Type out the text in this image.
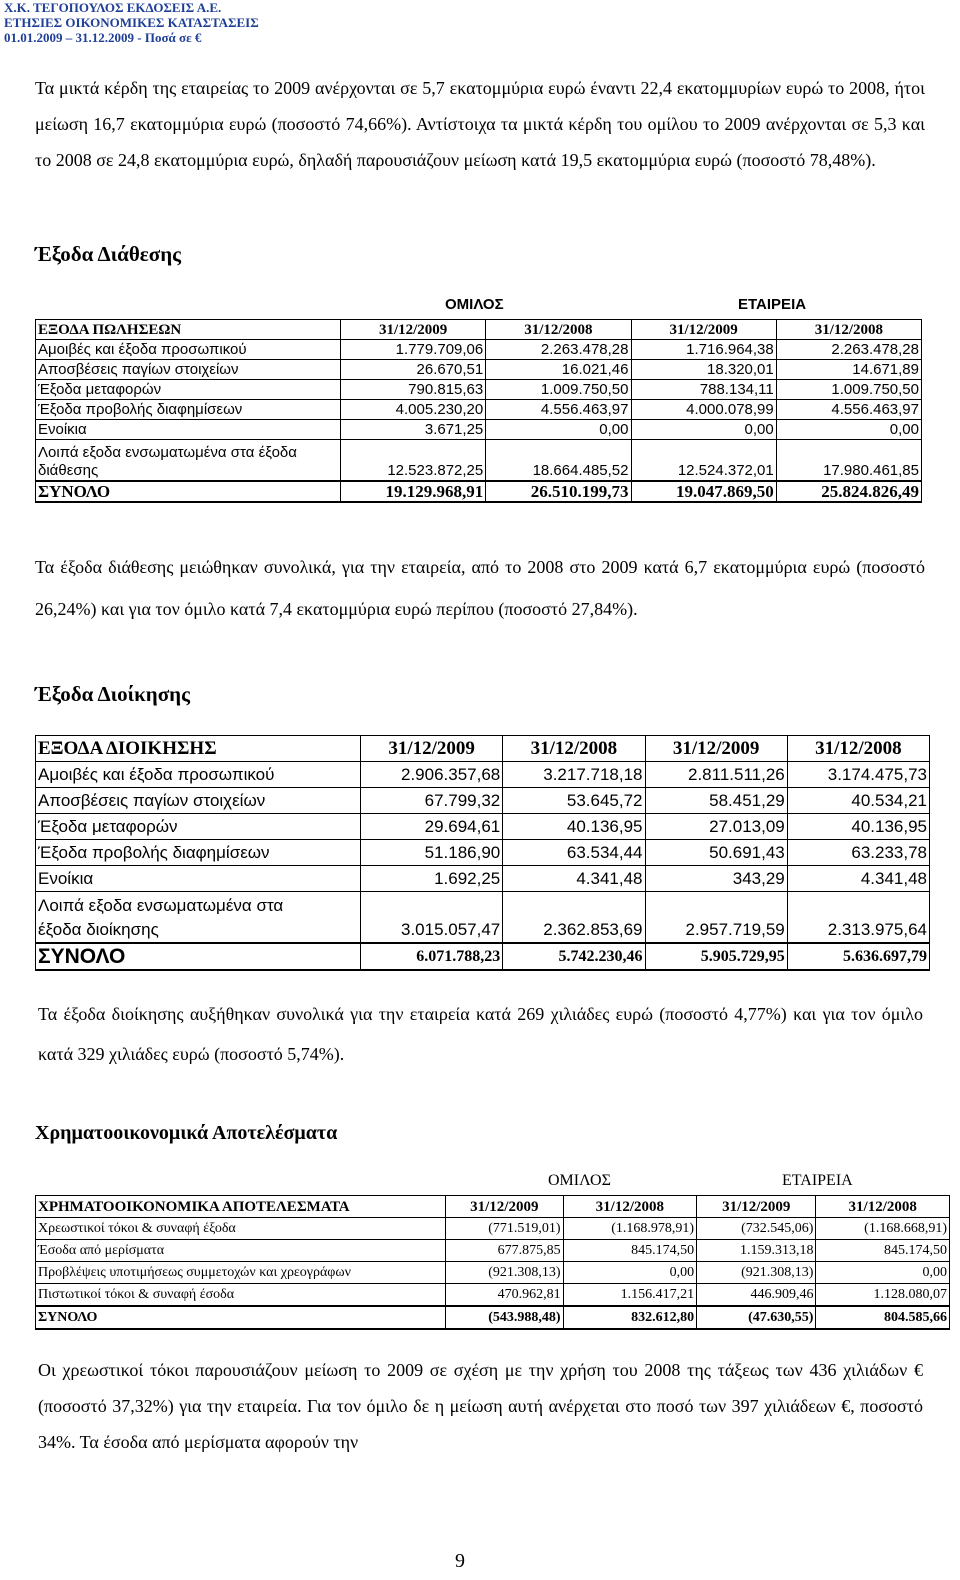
Χ.Κ. ΤΕΓΟΠΟΥΛΟΣ ΕΚΔΟΣΕΙΣ Α.Ε.
ΕΤΗΣΙΕΣ ΟΙΚΟΝΟΜΙΚΕΣ ΚΑΤΑΣΤΑΣΕΙΣ
01.01.2009 – 31.12.2009 - Ποσά σε €

Τα μικτά κέρδη της εταιρείας το 2009 ανέρχονται σε 5,7 εκατομμύρια ευρώ έναντι 22,4 εκατομμυρίων ευρώ το 2008, ήτοι μείωση 16,7 εκατομμύρια ευρώ (ποσοστό 74,66%). Αντίστοιχα τα μικτά κέρδη του ομίλου το 2009 ανέρχονται σε 5,3 και το 2008 σε 24,8 εκατομμύρια ευρώ, δηλαδή παρουσιάζουν μείωση κατά 19,5 εκατομμύρια ευρώ (ποσοστό 78,48%).

Έξοδα Διάθεσης
ΟΜΙΛΟΣ	ΕΤΑΙΡΕΙΑ
ΕΞΟΔΑ ΠΩΛΗΣΕΩΝ	31/12/2009	31/12/2008	31/12/2009	31/12/2008
Αμοιβές και έξοδα προσωπικού	1.779.709,06	2.263.478,28	1.716.964,38	2.263.478,28
Αποσβέσεις παγίων στοιχείων	26.670,51	16.021,46	18.320,01	14.671,89
Έξοδα μεταφορών	790.815,63	1.009.750,50	788.134,11	1.009.750,50
Έξοδα προβολής διαφημίσεων	4.005.230,20	4.556.463,97	4.000.078,99	4.556.463,97
Ενοίκια	3.671,25	0,00	0,00	0,00

Λοιπά εξοδα ενσωματωμένα στα έξοδα
διάθεσης	12.523.872,25	18.664.485,52	12.524.372,01	17.980.461,85
ΣΥΝΟΛΟ	19.129.968,91	26.510.199,73	19.047.869,50	25.824.826,49

Τα έξοδα διάθεσης μειώθηκαν συνολικά, για την εταιρεία, από το 2008 στο 2009 κατά 6,7 εκατομμύρια ευρώ (ποσοστό 26,24%) και για τον όμιλο κατά 7,4 εκατομμύρια ευρώ περίπου (ποσοστό 27,84%).

Έξοδα Διοίκησης
ΕΞΟΔΑ ΔΙΟΙΚΗΣΗΣ	31/12/2009	31/12/2008	31/12/2009	31/12/2008
Αμοιβές και έξοδα προσωπικού	2.906.357,68	3.217.718,18	2.811.511,26	3.174.475,73
Αποσβέσεις παγίων στοιχείων	67.799,32	53.645,72	58.451,29	40.534,21
Έξοδα μεταφορών	29.694,61	40.136,95	27.013,09	40.136,95
Έξοδα προβολής διαφημίσεων	51.186,90	63.534,44	50.691,43	63.233,78
Ενοίκια	1.692,25	4.341,48	343,29	4.341,48

Λοιπά εξοδα ενσωματωμένα στα
έξοδα διοίκησης	3.015.057,47	2.362.853,69	2.957.719,59	2.313.975,64
ΣΥΝΟΛΟ	6.071.788,23	5.742.230,46	5.905.729,95	5.636.697,79

Τα έξοδα διοίκησης αυξήθηκαν συνολικά για την εταιρεία κατά 269 χιλιάδες ευρώ (ποσοστό 4,77%) και για τον όμιλο κατά 329 χιλιάδες ευρώ (ποσοστό 5,74%).

Χρηματοοικονομικά Αποτελέσματα
ΟΜΙΛΟΣ	ΕΤΑΙΡΕΙΑ
ΧΡΗΜΑΤΟΟΙΚΟΝΟΜΙΚΑ ΑΠΟΤΕΛΕΣΜΑΤΑ	31/12/2009	31/12/2008	31/12/2009	31/12/2008
Χρεωστικοί τόκοι & συναφή έξοδα	(771.519,01)	(1.168.978,91)	(732.545,06)	(1.168.668,91)
Έσοδα από μερίσματα	677.875,85	845.174,50	1.159.313,18	845.174,50
Προβλέψεις υποτιμήσεως συμμετοχών και χρεογράφων	(921.308,13)	0,00	(921.308,13)	0,00
Πιστωτικοί τόκοι & συναφή έσοδα	470.962,81	1.156.417,21	446.909,46	1.128.080,07
ΣΥΝΟΛΟ	(543.988,48)	832.612,80	(47.630,55)	804.585,66

Οι χρεωστικοί τόκοι παρουσιάζουν μείωση το 2009 σε σχέση με την χρήση του 2008 της τάξεως των 436 χιλιάδων € (ποσοστό 37,32%) για την εταιρεία. Για τον όμιλο δε η μείωση αυτή ανέρχεται στο ποσό των 397 χιλιάδεων €, ποσοστό 34%. Τα έσοδα από μερίσματα αφορούν την

9
